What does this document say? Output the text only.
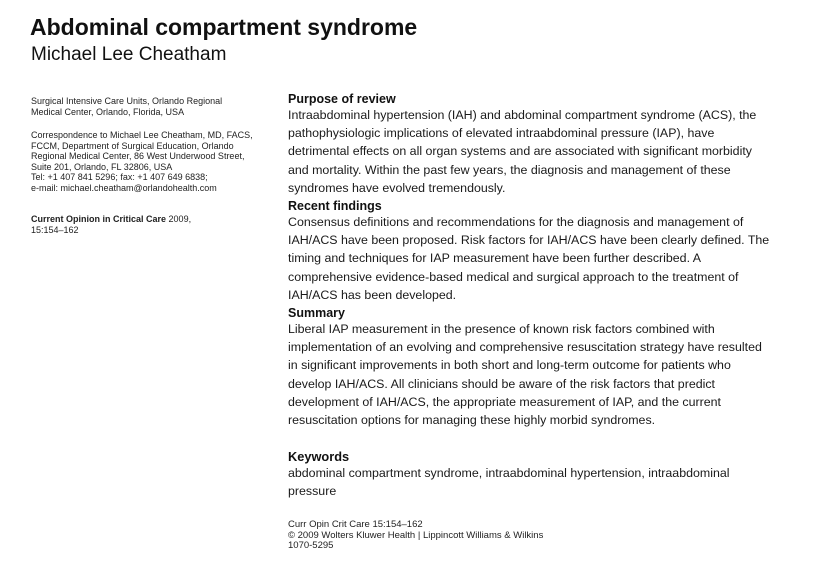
Abdominal compartment syndrome
Michael Lee Cheatham
Surgical Intensive Care Units, Orlando Regional
Medical Center, Orlando, Florida, USA
Correspondence to Michael Lee Cheatham, MD, FACS,
FCCM, Department of Surgical Education, Orlando
Regional Medical Center, 86 West Underwood Street,
Suite 201, Orlando, FL 32806, USA
Tel: +1 407 841 5296; fax: +1 407 649 6838;
e-mail: michael.cheatham@orlandohealth.com
Current Opinion in Critical Care 2009,
15:154–162
Purpose of review
Intraabdominal hypertension (IAH) and abdominal compartment syndrome (ACS), the
pathophysiologic implications of elevated intraabdominal pressure (IAP), have
detrimental effects on all organ systems and are associated with significant morbidity
and mortality. Within the past few years, the diagnosis and management of these
syndromes have evolved tremendously.
Recent findings
Consensus definitions and recommendations for the diagnosis and management of
IAH/ACS have been proposed. Risk factors for IAH/ACS have been clearly defined. The
timing and techniques for IAP measurement have been further described. A
comprehensive evidence-based medical and surgical approach to the treatment of
IAH/ACS has been developed.
Summary
Liberal IAP measurement in the presence of known risk factors combined with
implementation of an evolving and comprehensive resuscitation strategy have resulted
in significant improvements in both short and long-term outcome for patients who
develop IAH/ACS. All clinicians should be aware of the risk factors that predict
development of IAH/ACS, the appropriate measurement of IAP, and the current
resuscitation options for managing these highly morbid syndromes.
Keywords
abdominal compartment syndrome, intraabdominal hypertension, intraabdominal
pressure
Curr Opin Crit Care 15:154–162
© 2009 Wolters Kluwer Health | Lippincott Williams & Wilkins
1070-5295
